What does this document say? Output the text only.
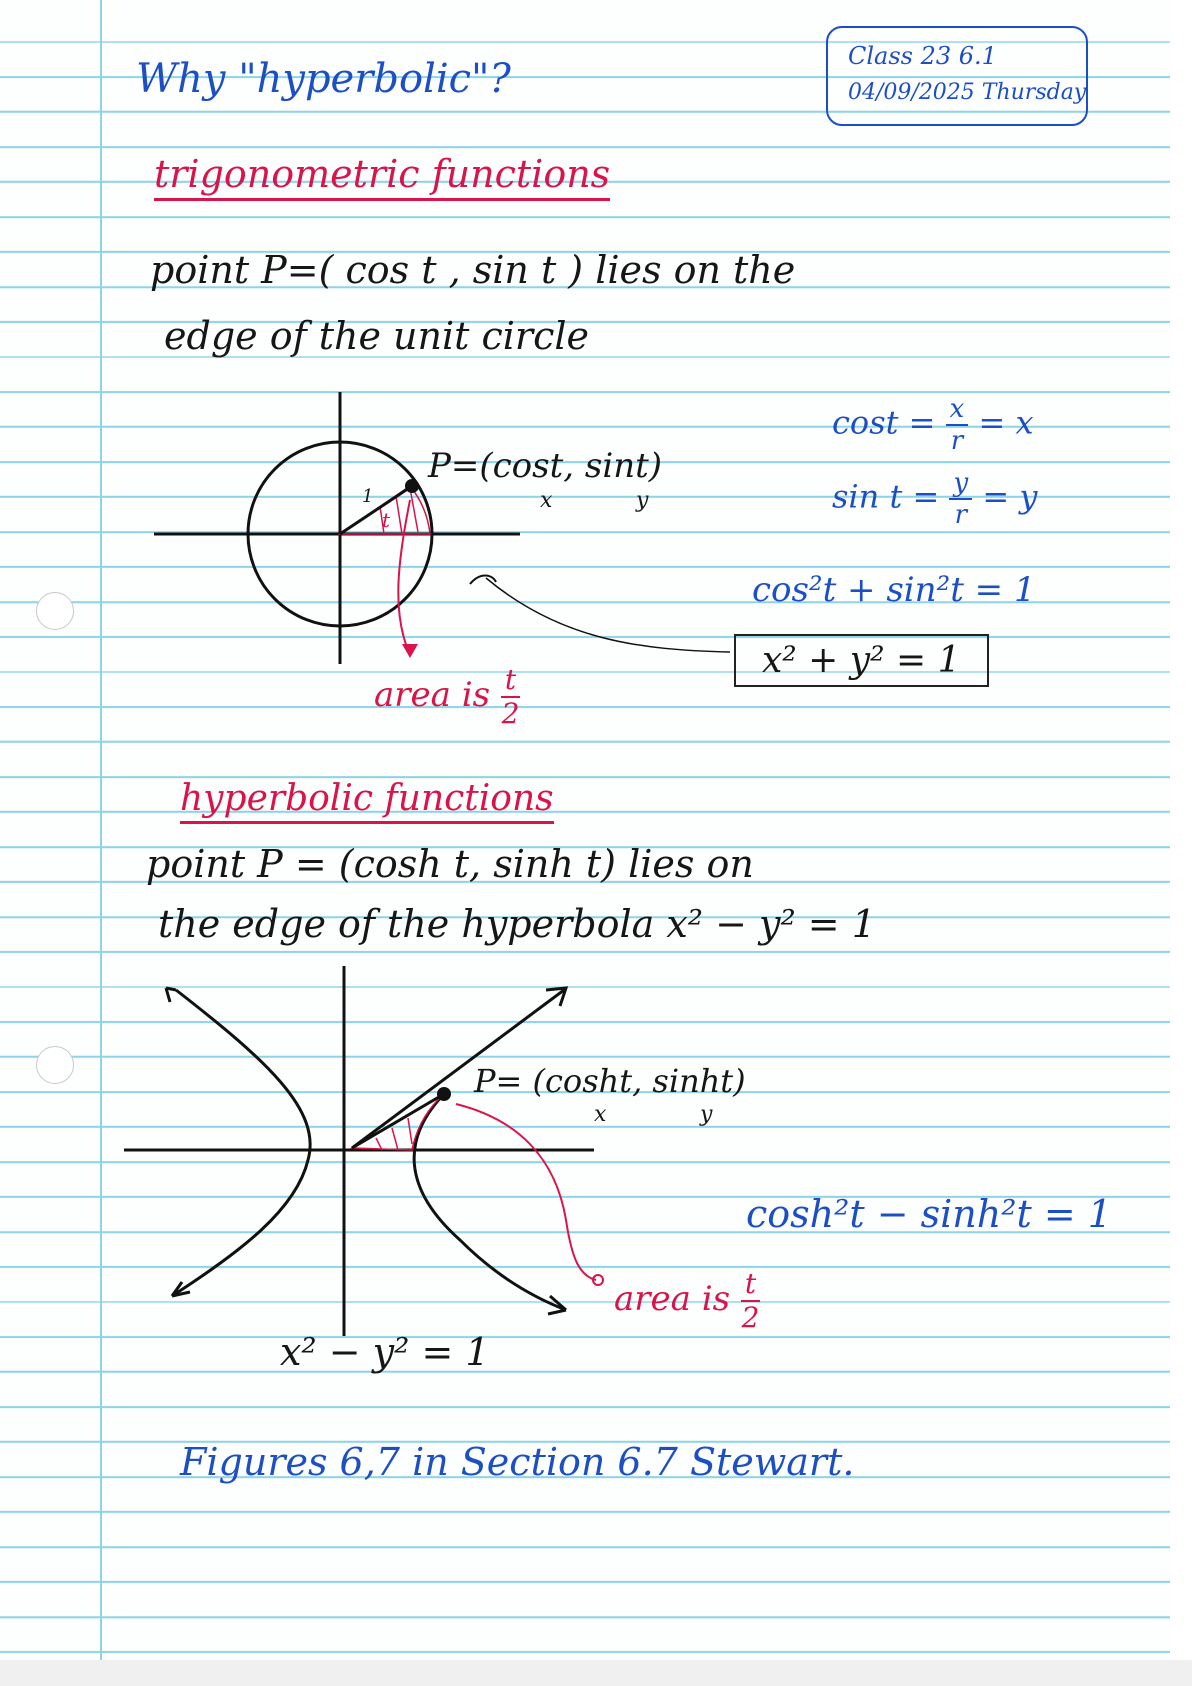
Why "hyperbolic"?	Class 23 6.1
04/09/2025 Thursday
trigonometric functions
point P=( cos t , sin t ) lies on the
edge of the unit circle
1
t
P=(cost, sint)
x	y
area is $\frac{t}{2}$
$\cos t = \frac{x}{r} = x$
$\sin t = \frac{y}{r} = y$
cos²t + sin²t = 1
x² + y² = 1
hyperbolic functions
point P = (cosh t, sinh t) lies on
the edge of the hyperbola x² − y² = 1
P= (cosht, sinht)
x	y
cosh²t − sinh²t = 1
area is $\frac{t}{2}$
x² − y² = 1
Figures 6,7 in Section 6.7 Stewart.
